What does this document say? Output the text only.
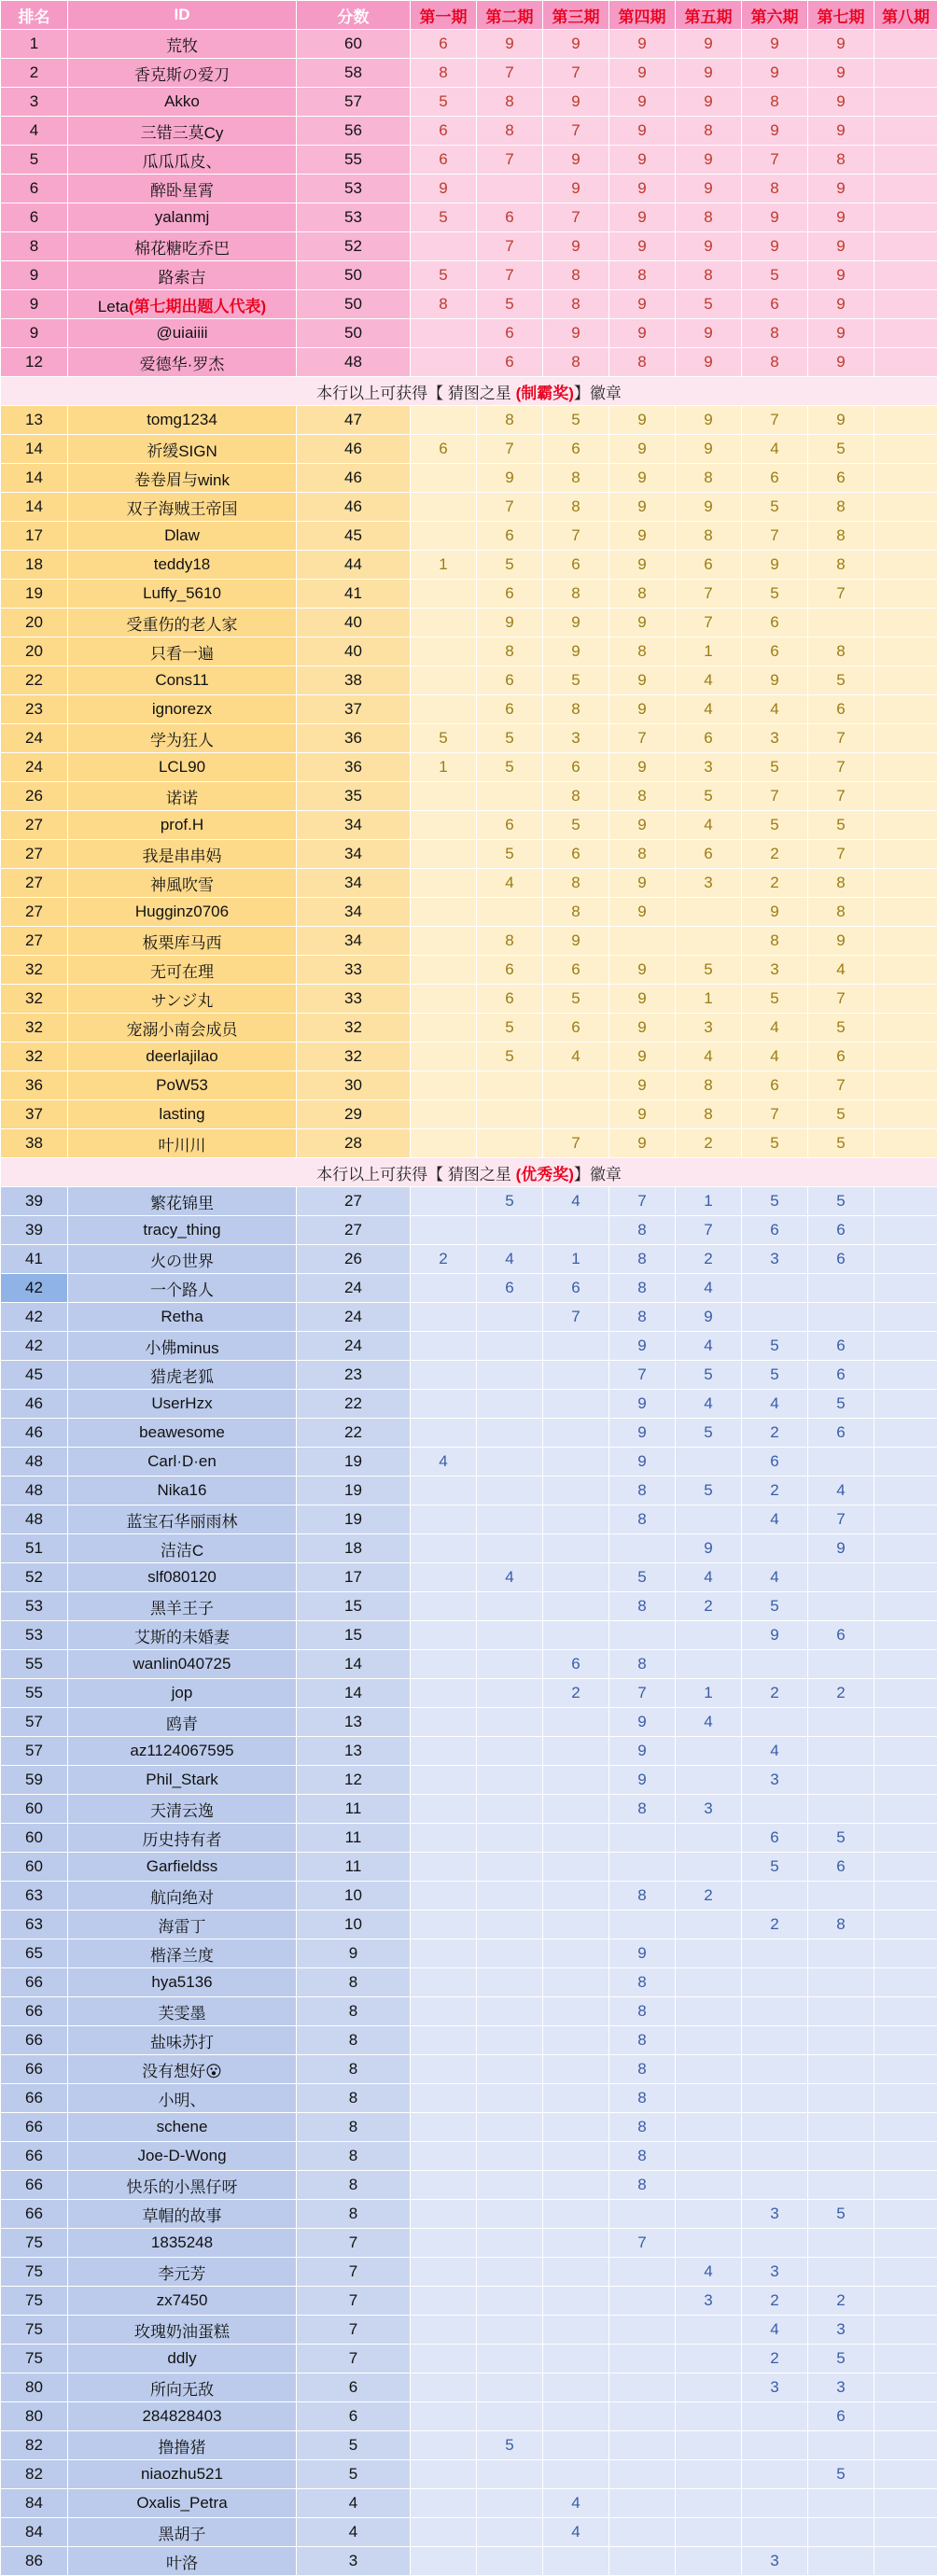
排名	ID	分数	第一期	第二期	第三期	第四期	第五期	第六期	第七期	第八期
1	荒牧	60	6	9	9	9	9	9	9	
2	香克斯の爱刀	58	8	7	7	9	9	9	9	
3	Akko	57	5	8	9	9	9	8	9	
4	三错三莫Cy	56	6	8	7	9	8	9	9	
5	瓜瓜瓜皮、	55	6	7	9	9	9	7	8	
6	醉卧星霄	53	9		9	9	9	8	9	
6	yalanmj	53	5	6	7	9	8	9	9	
8	棉花糖吃乔巴	52		7	9	9	9	9	9	
9	路索吉	50	5	7	8	8	8	5	9	
9	Leta(第七期出题人代表)	50	8	5	8	9	5	6	9	
9	@uiaiiii	50		6	9	9	9	8	9	
12	爱德华·罗杰	48		6	8	8	9	8	9	
本行以上可获得【 猜图之星 (制霸奖)】徽章										
13	tomg1234	47		8	5	9	9	7	9	
14	祈缓SIGN	46	6	7	6	9	9	4	5	
14	卷卷眉与wink	46		9	8	9	8	6	6	
14	双子海贼王帝国	46		7	8	9	9	5	8	
17	Dlaw	45		6	7	9	8	7	8	
18	teddy18	44	1	5	6	9	6	9	8	
19	Luffy_5610	41		6	8	8	7	5	7	
20	受重伤的老人家	40		9	9	9	7	6		
20	只看一遍	40		8	9	8	1	6	8	
22	Cons11	38		6	5	9	4	9	5	
23	ignorezx	37		6	8	9	4	4	6	
24	学为狂人	36	5	5	3	7	6	3	7	
24	LCL90	36	1	5	6	9	3	5	7	
26	诺诺	35			8	8	5	7	7	
27	prof.H	34		6	5	9	4	5	5	
27	我是串串妈	34		5	6	8	6	2	7	
27	神風吹雪	34		4	8	9	3	2	8	
27	Hugginz0706	34			8	9		9	8	
27	板栗库马西	34		8	9			8	9	
32	无可在理	33		6	6	9	5	3	4	
32	サンジ丸	33		6	5	9	1	5	7	
32	宠溺小南会成员	32		5	6	9	3	4	5	
32	deerlajilao	32		5	4	9	4	4	6	
36	PoW53	30				9	8	6	7	
37	lasting	29				9	8	7	5	
38	叶川川	28			7	9	2	5	5	
本行以上可获得【 猜图之星 (优秀奖)】徽章										
39	繁花锦里	27		5	4	7	1	5	5	
39	tracy_thing	27				8	7	6	6	
41	火の世界	26	2	4	1	8	2	3	6	
42	一个路人	24		6	6	8	4			
42	Retha	24			7	8	9			
42	小佛minus	24				9	4	5	6	
45	猎虎老狐	23				7	5	5	6	
46	UserHzx	22				9	4	4	5	
46	beawesome	22				9	5	2	6	
48	Carl·D·en	19	4			9		6		
48	Nika16	19				8	5	2	4	
48	蓝宝石华丽雨林	19				8		4	7	
51	洁洁C	18					9		9	
52	slf080120	17		4		5	4	4		
53	黑羊王子	15				8	2	5		
53	艾斯的未婚妻	15						9	6	
55	wanlin040725	14			6	8				
55	jop	14			2	7	1	2	2	
57	鸥青	13				9	4			
57	az1124067595	13				9		4		
59	Phil_Stark	12				9		3		
60	天清云逸	11				8	3			
60	历史持有者	11						6	5	
60	Garfieldss	11						5	6	
63	航向绝对	10				8	2			
63	海雷丁	10						2	8	
65	楷泽兰度	9				9				
66	hya5136	8				8				
66	芙雯墨	8				8				
66	盐味苏打	8				8				
66	没有想好😮	8				8				
66	小明、	8				8				
66	schene	8				8				
66	Joe-D-Wong	8				8				
66	快乐的小黑仔呀	8				8				
66	草帽的故事	8						3	5	
75	1835248	7				7				
75	李元芳	7					4	3		
75	zx7450	7					3	2	2	
75	玫瑰奶油蛋糕	7						4	3	
75	ddly	7						2	5	
80	所向无敌	6						3	3	
80	284828403	6							6	
82	撸撸猪	5		5						
82	niaozhu521	5							5	
84	Oxalis_Petra	4			4					
84	黑胡子	4			4					
86	叶洛	3						3		
